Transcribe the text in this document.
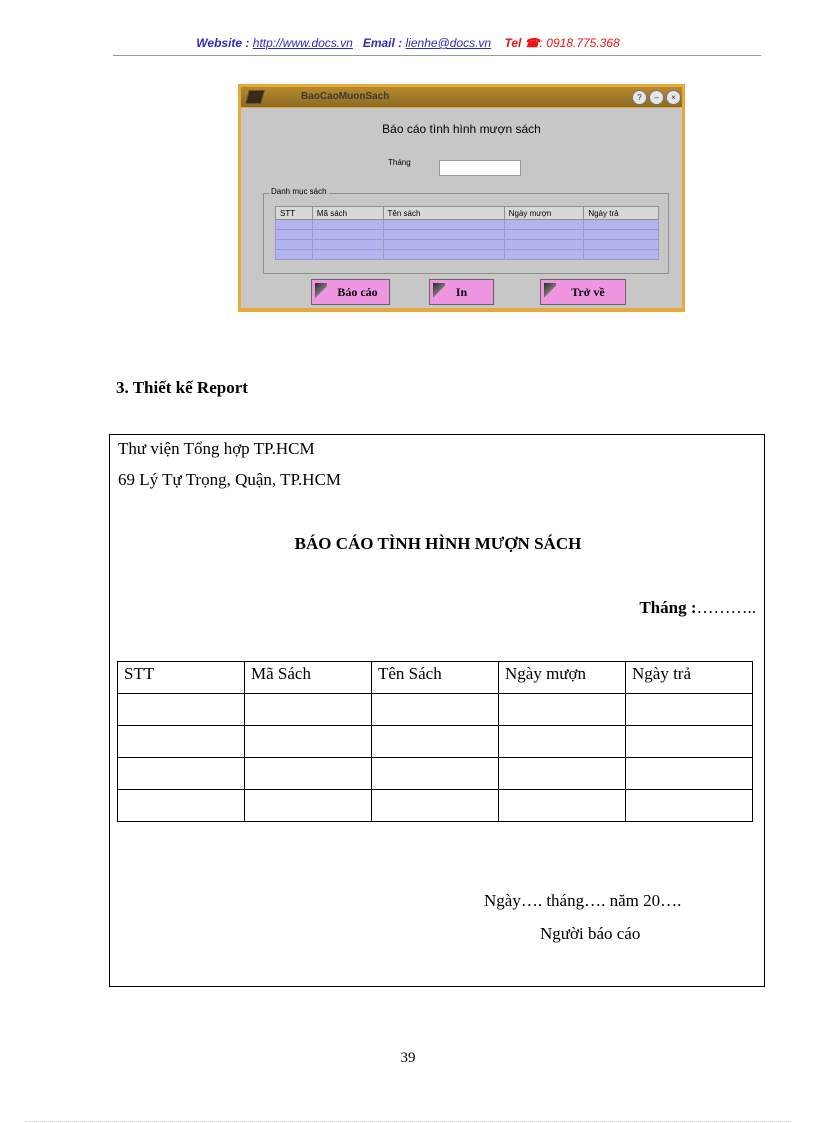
Website : http://www.docs.vn Email : lienhe@docs.vn Tel ☎: 0918.775.368
BaoCaoMuonSach	?	–	×
Báo cáo tình hình mượn sách
Tháng
Danh mục sách
STT	Mã sách	Tên sách	Ngày mượn	Ngày trả

Báo cáo	In	Trở về
3. Thiết kế Report
Thư viện Tổng hợp TP.HCM
69 Lý Tự Trọng, Quận, TP.HCM
BÁO CÁO TÌNH HÌNH MƯỢN SÁCH
Tháng :………..
STT	Mã Sách	Tên Sách	Ngày mượn	Ngày trả

Ngày…. tháng…. năm 20….
Người báo cáo
39
